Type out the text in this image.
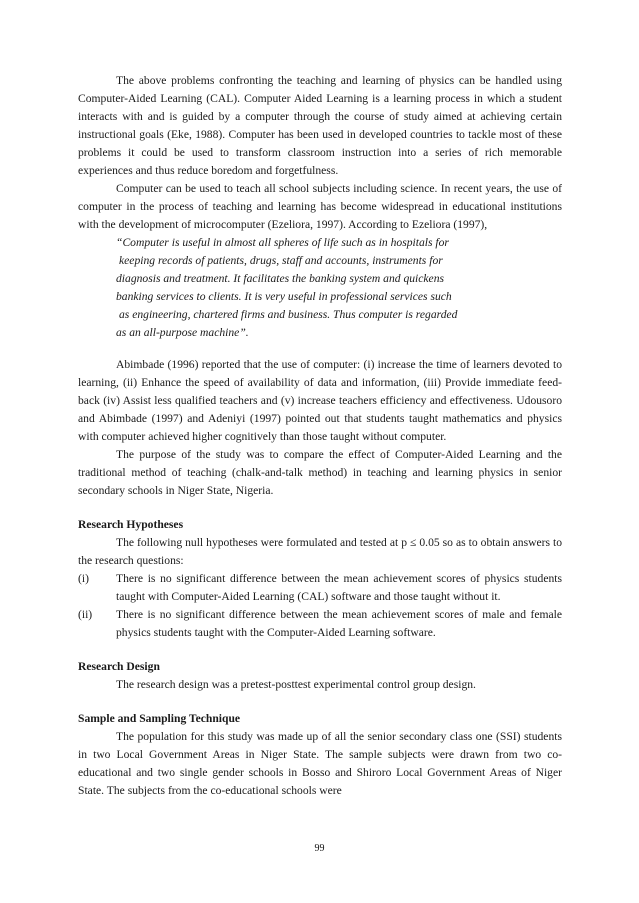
The above problems confronting the teaching and learning of physics can be handled using Computer-Aided Learning (CAL). Computer Aided Learning is a learning process in which a student interacts with and is guided by a computer through the course of study aimed at achieving certain instructional goals (Eke, 1988). Computer has been used in developed countries to tackle most of these problems it could be used to transform classroom instruction into a series of rich memorable experiences and thus reduce boredom and forgetfulness.

Computer can be used to teach all school subjects including science. In recent years, the use of computer in the process of teaching and learning has become widespread in educational institutions with the development of microcomputer (Ezeliora, 1997). According to Ezeliora (1997),

“Computer is useful in almost all spheres of life such as in hospitals for
keeping records of patients, drugs, staff and accounts, instruments for
diagnosis and treatment. It facilitates the banking system and quickens
banking services to clients. It is very useful in professional services such
as engineering, chartered firms and business. Thus computer is regarded
as an all-purpose machine”.

Abimbade (1996) reported that the use of computer: (i) increase the time of learners devoted to learning, (ii) Enhance the speed of availability of data and information, (iii) Provide immediate feed-back (iv) Assist less qualified teachers and (v) increase teachers efficiency and effectiveness. Udousoro and Abimbade (1997) and Adeniyi (1997) pointed out that students taught mathematics and physics with computer achieved higher cognitively than those taught without computer.

The purpose of the study was to compare the effect of Computer-Aided Learning and the traditional method of teaching (chalk-and-talk method) in teaching and learning physics in senior secondary schools in Niger State, Nigeria.

Research Hypotheses

The following null hypotheses were formulated and tested at p ≤ 0.05 so as to obtain answers to the research questions:

(i)	There is no significant difference between the mean achievement scores of physics students taught with Computer-Aided Learning (CAL) software and those taught without it.
(ii)	There is no significant difference between the mean achievement scores of male and female physics students taught with the Computer-Aided Learning software.
Research Design

The research design was a pretest-posttest experimental control group design.

Sample and Sampling Technique

The population for this study was made up of all the senior secondary class one (SSI) students in two Local Government Areas in Niger State. The sample subjects were drawn from two co-educational and two single gender schools in Bosso and Shiroro Local Government Areas of Niger State. The subjects from the co-educational schools were

99
